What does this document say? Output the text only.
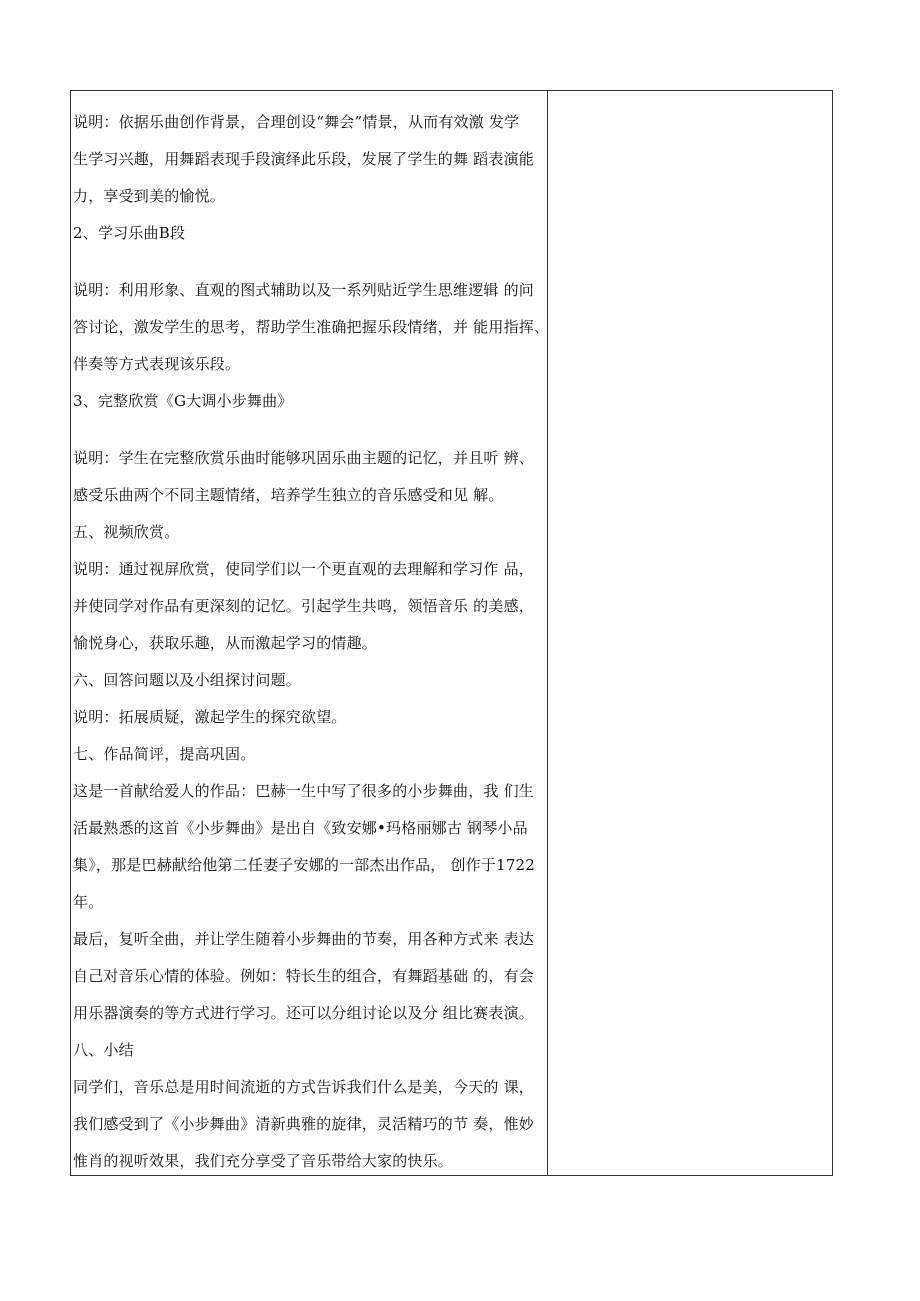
说明：依据乐曲创作背景，合理创设“舞会”情景，从而有效激 发学
生学习兴趣，用舞蹈表现手段演绎此乐段，发展了学生的舞 蹈表演能
力，享受到美的愉悦。
2、学习乐曲B段
说明：利用形象、直观的图式辅助以及一系列贴近学生思维逻辑 的问
答讨论，激发学生的思考，帮助学生准确把握乐段情绪，并 能用指挥、
伴奏等方式表现该乐段。
3、完整欣赏《G大调小步舞曲》
说明：学生在完整欣赏乐曲时能够巩固乐曲主题的记忆，并且听 辨、
感受乐曲两个不同主题情绪，培养学生独立的音乐感受和见 解。
五、视频欣赏。
说明：通过视屏欣赏，使同学们以一个更直观的去理解和学习作 品，
并使同学对作品有更深刻的记忆。引起学生共鸣，领悟音乐 的美感，
愉悦身心，获取乐趣，从而激起学习的情趣。
六、回答问题以及小组探讨问题。
说明：拓展质疑，激起学生的探究欲望。
七、作品简评，提高巩固。
这是一首献给爱人的作品：巴赫一生中写了很多的小步舞曲，我 们生
活最熟悉的这首《小步舞曲》是出自《致安娜•玛格丽娜古 钢琴小品
集》，那是巴赫献给他第二任妻子安娜的一部杰出作品， 创作于1722
年。
最后，复听全曲，并让学生随着小步舞曲的节奏，用各种方式来 表达
自己对音乐心情的体验。例如：特长生的组合，有舞蹈基础 的，有会
用乐器演奏的等方式进行学习。还可以分组讨论以及分 组比赛表演。
八、小结
同学们，音乐总是用时间流逝的方式告诉我们什么是美，今天的 课，
我们感受到了《小步舞曲》清新典雅的旋律，灵活精巧的节 奏，惟妙
惟肖的视听效果，我们充分享受了音乐带给大家的快乐。
